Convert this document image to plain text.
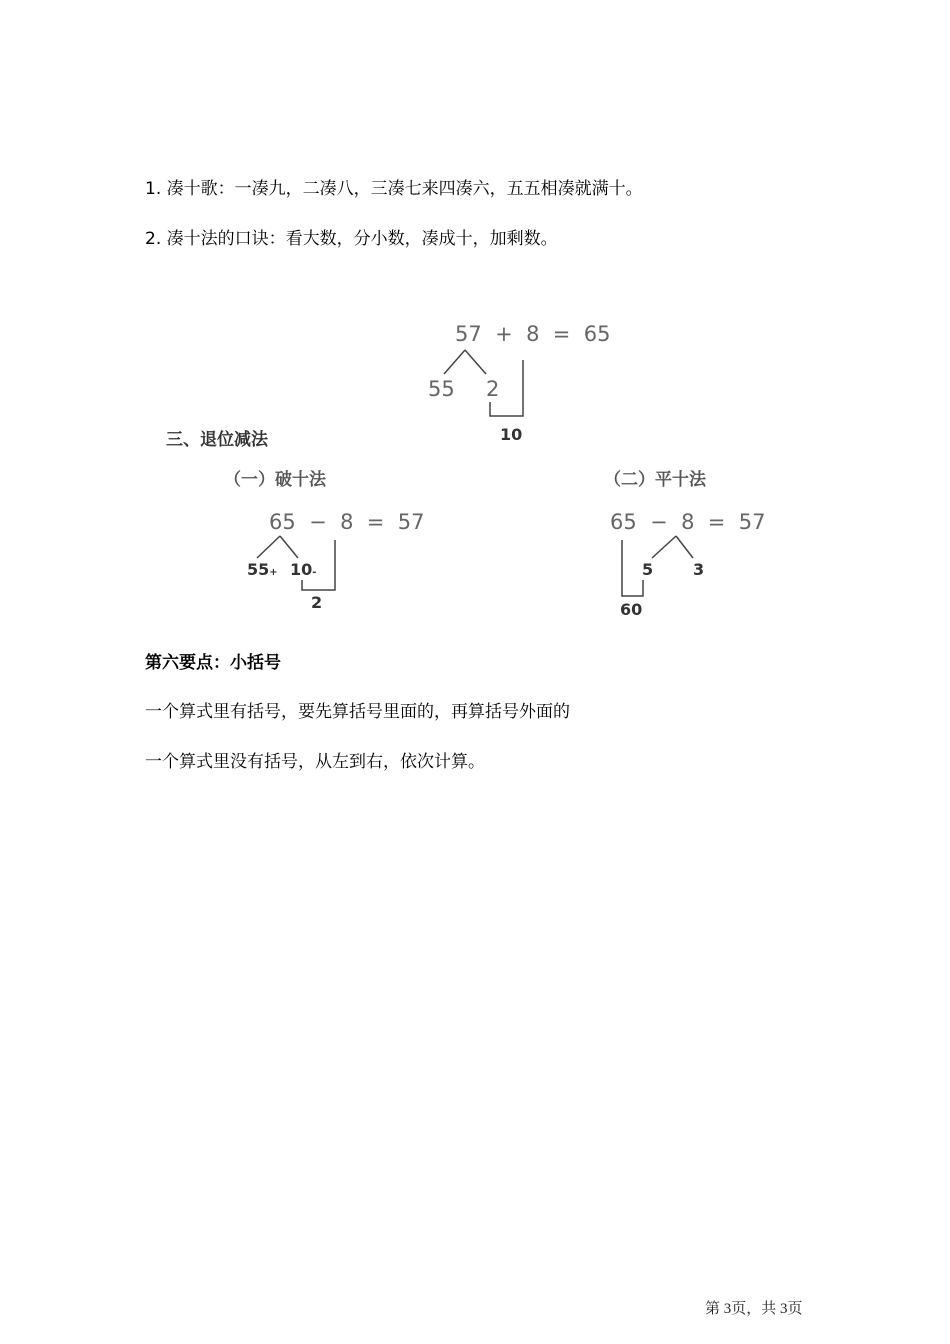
1. 凑十歌：一凑九，二凑八，三凑七来四凑六，五五相凑就满十。
2. 凑十法的口诀：看大数，分小数，凑成十，加剩数。
57 + 8 = 65
55 2
10
三、退位减法
（一）破十法	（二）平十法
65 − 8 = 57
55+ 10-
2
65 − 8 = 57
5 3
60
第六要点：小括号
一个算式里有括号，要先算括号里面的，再算括号外面的
一个算式里没有括号，从左到右，依次计算。
第 3页，共 3页
